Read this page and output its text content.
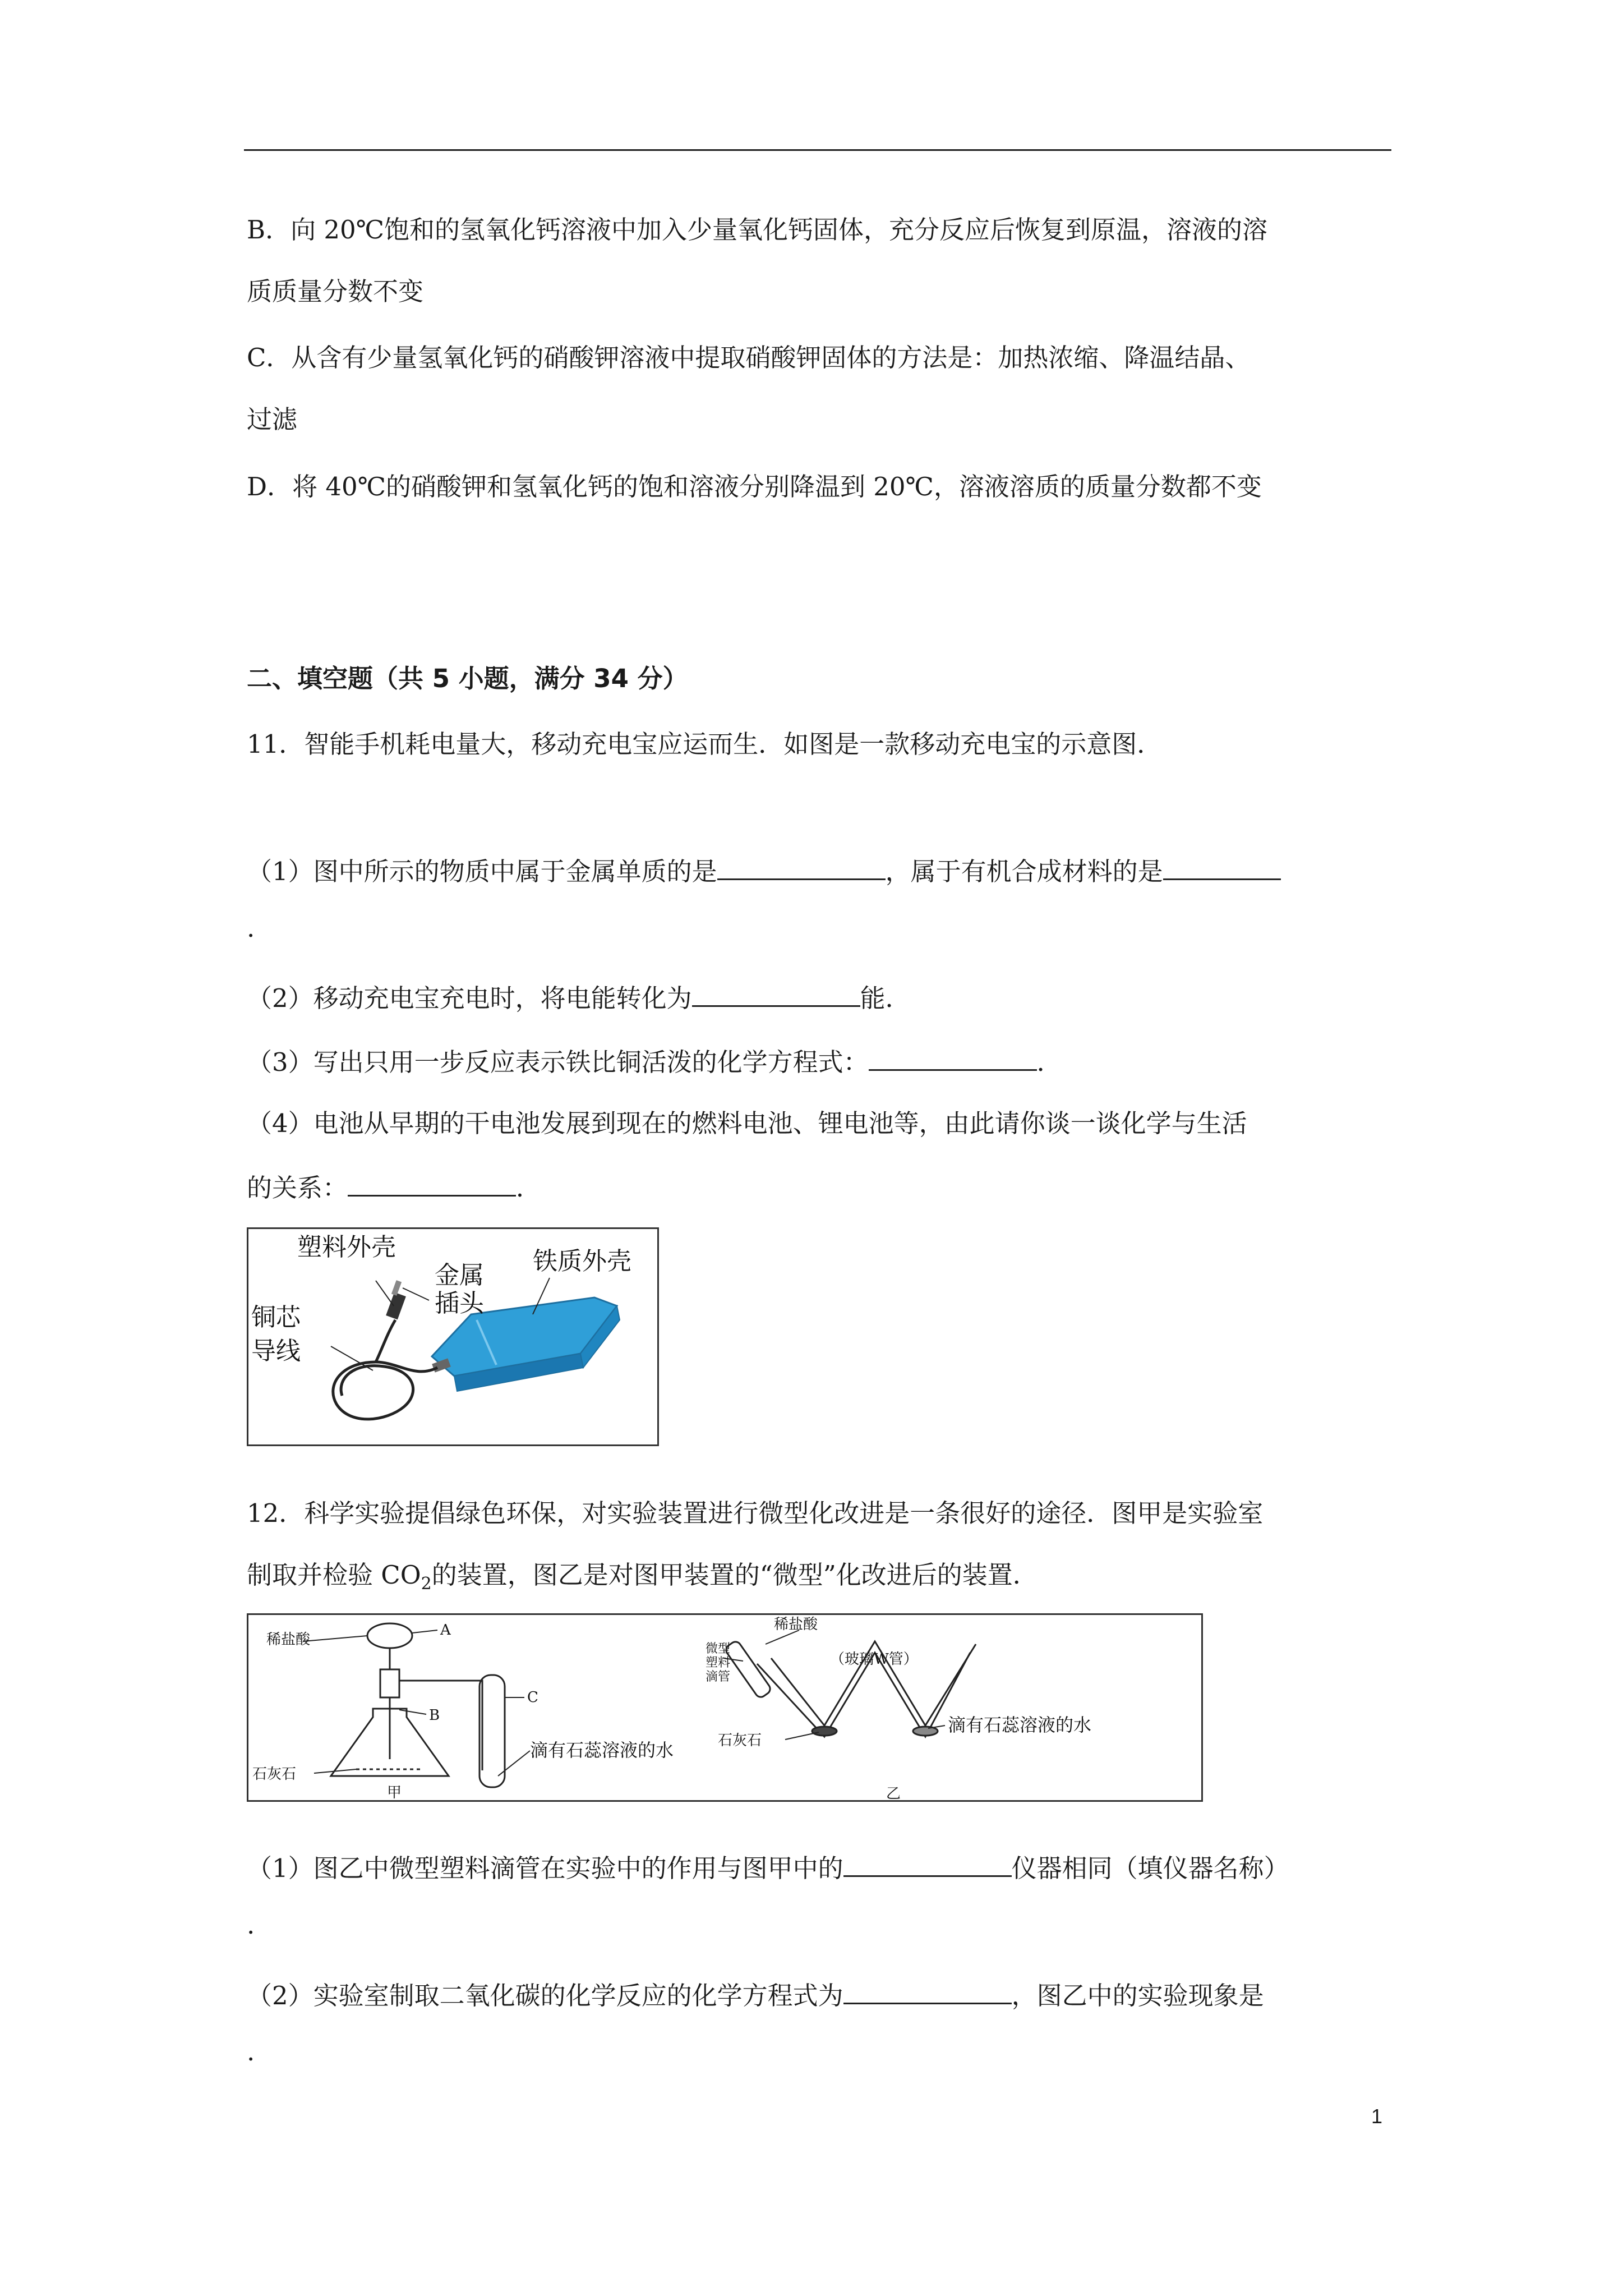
B．向 20℃饱和的氢氧化钙溶液中加入少量氧化钙固体，充分反应后恢复到原温，溶液的溶
质质量分数不变
C．从含有少量氢氧化钙的硝酸钾溶液中提取硝酸钾固体的方法是：加热浓缩、降温结晶、
过滤
D．将 40℃的硝酸钾和氢氧化钙的饱和溶液分别降温到 20℃，溶液溶质的质量分数都不变
二、填空题（共 5 小题，满分 34 分）
11．智能手机耗电量大，移动充电宝应运而生．如图是一款移动充电宝的示意图．
（1）图中所示的物质中属于金属单质的是	，属于有机合成材料的是
.
（2）移动充电宝充电时，将电能转化为	能．
（3）写出只用一步反应表示铁比铜活泼的化学方程式：	．
（4）电池从早期的干电池发展到现在的燃料电池、锂电池等，由此请你谈一谈化学与生活
的关系：	．
塑料外壳
金属
插头
铁质外壳
铜芯
导线
12．科学实验提倡绿色环保，对实验装置进行微型化改进是一条很好的途径．图甲是实验室
制取并检验 $CO_2$的装置，图乙是对图甲装置的“微型”化改进后的装置．
稀盐酸
A
B
C
石灰石
滴有石蕊溶液的水
甲
稀盐酸
微型
塑料
滴管
（玻璃W管）
石灰石
滴有石蕊溶液的水
乙
（1）图乙中微型塑料滴管在实验中的作用与图甲中的	仪器相同（填仪器名称）
.
（2）实验室制取二氧化碳的化学反应的化学方程式为	，图乙中的实验现象是
.
1
